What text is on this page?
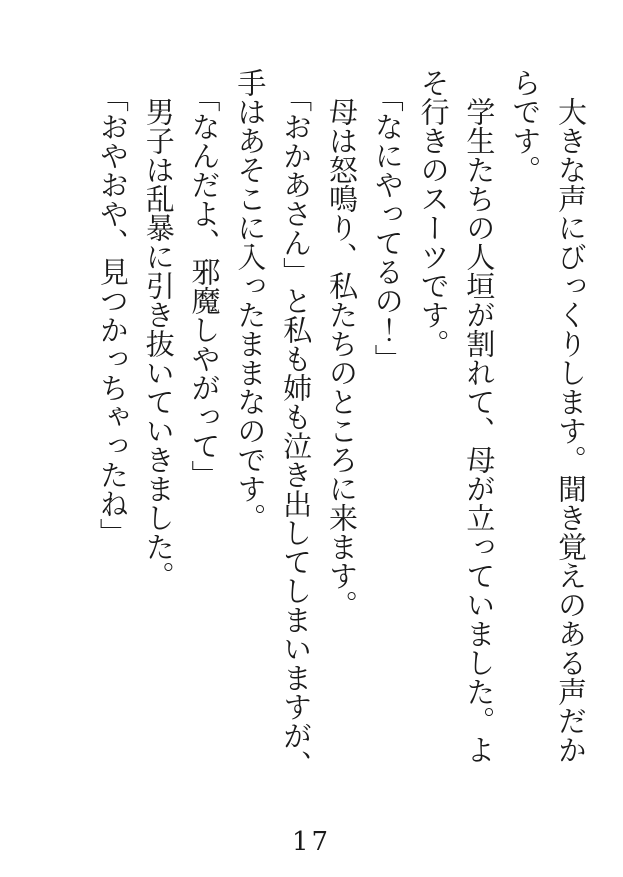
大きな声にびっくりします。聞き覚えのある声だからです。

学生たちの人垣が割れて、母が立っていました。よそ行きのスーツです。

「なにやってるの！」

母は怒鳴り、私たちのところに来ます。

「おかあさん」と私も姉も泣き出してしまいますが、手はあそこに入ったままなのです。

「なんだよ、邪魔しやがって」

男子は乱暴に引き抜いていきました。

「おやおや、見つかっちゃったね」

17
